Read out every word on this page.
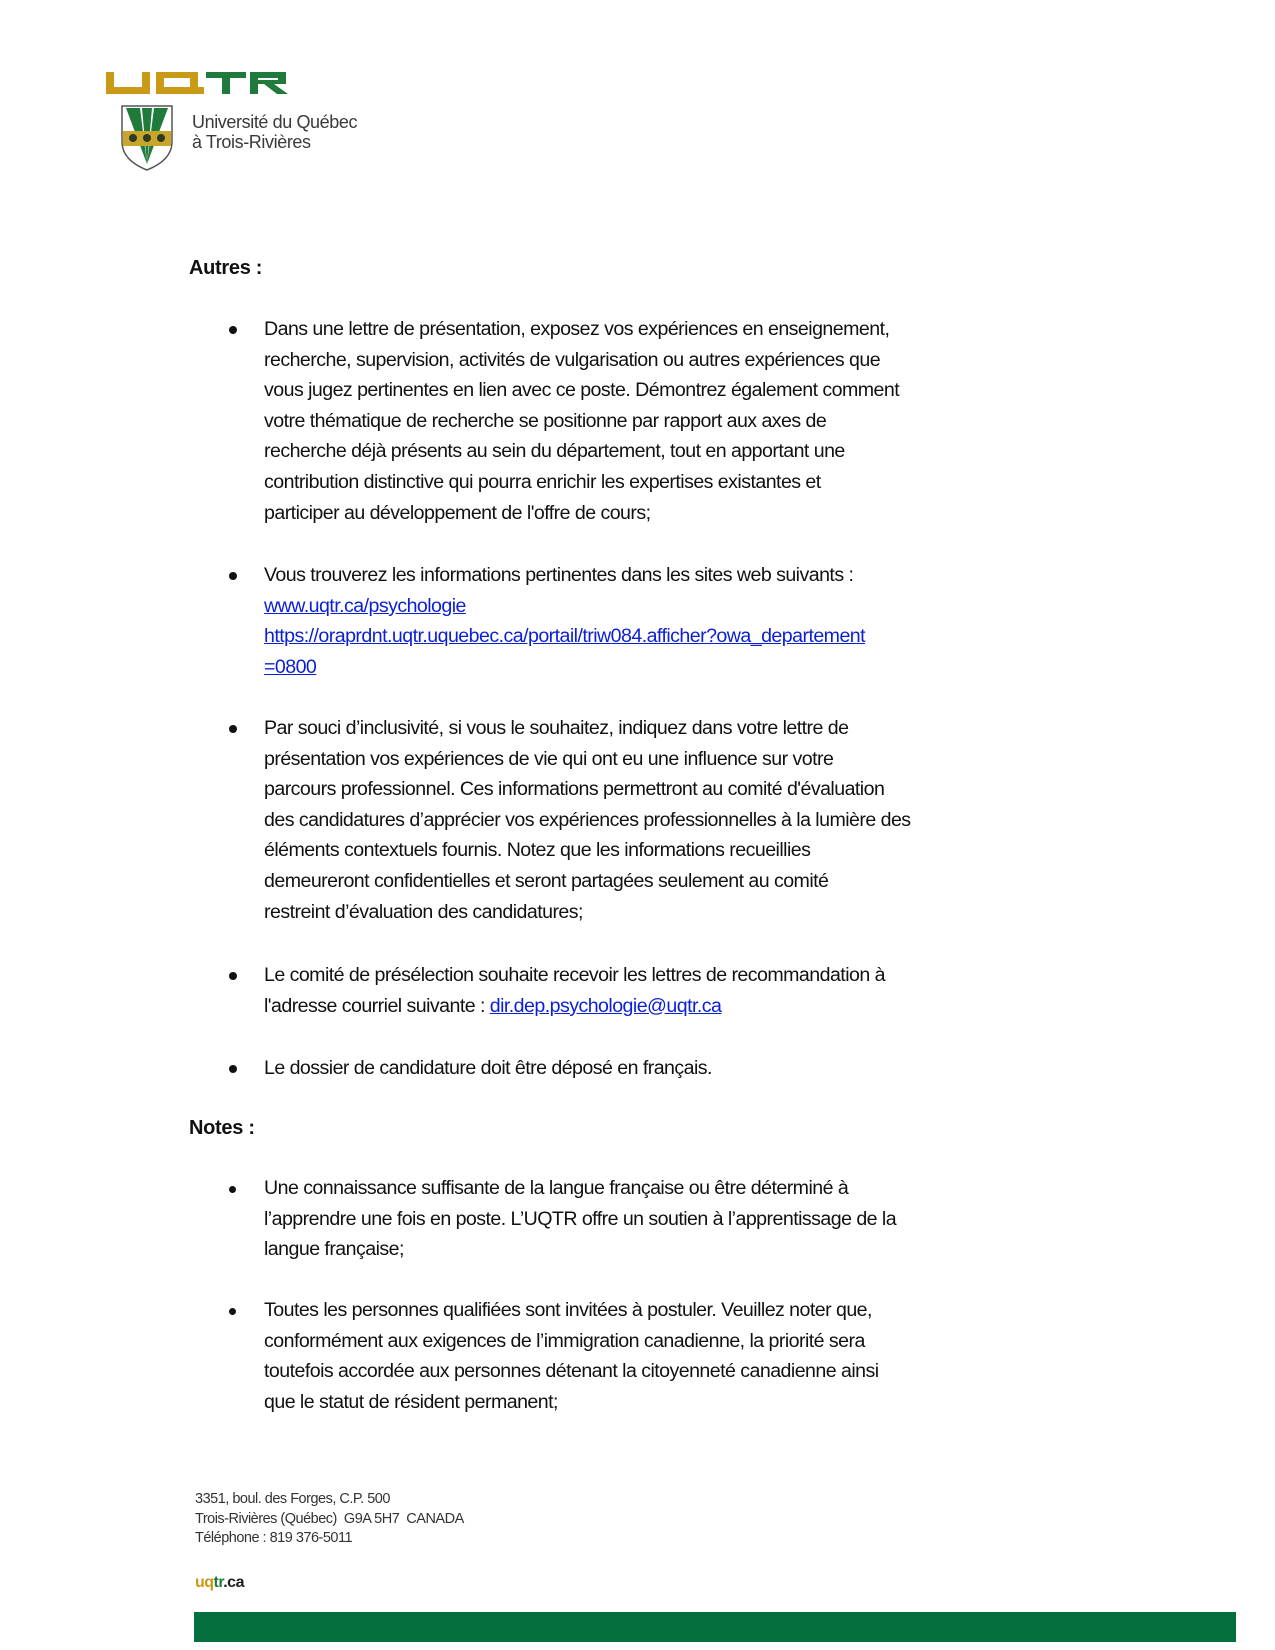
Université du Québec
à Trois-Rivières
Autres :
Dans une lettre de présentation, exposez vos expériences en enseignement,
recherche, supervision, activités de vulgarisation ou autres expériences que
vous jugez pertinentes en lien avec ce poste. Démontrez également comment
votre thématique de recherche se positionne par rapport aux axes de
recherche déjà présents au sein du département, tout en apportant une
contribution distinctive qui pourra enrichir les expertises existantes et
participer au développement de l'offre de cours;
Vous trouverez les informations pertinentes dans les sites web suivants :
www.uqtr.ca/psychologie
https://oraprdnt.uqtr.uquebec.ca/portail/triw084.afficher?owa_departement
=0800
Par souci d’inclusivité, si vous le souhaitez, indiquez dans votre lettre de
présentation vos expériences de vie qui ont eu une influence sur votre
parcours professionnel. Ces informations permettront au comité d'évaluation
des candidatures d’apprécier vos expériences professionnelles à la lumière des
éléments contextuels fournis. Notez que les informations recueillies
demeureront confidentielles et seront partagées seulement au comité
restreint d’évaluation des candidatures;
Le comité de présélection souhaite recevoir les lettres de recommandation à
l'adresse courriel suivante : dir.dep.psychologie@uqtr.ca
Le dossier de candidature doit être déposé en français.
Notes :
Une connaissance suffisante de la langue française ou être déterminé à
l’apprendre une fois en poste. L’UQTR offre un soutien à l’apprentissage de la
langue française;
Toutes les personnes qualifiées sont invitées à postuler. Veuillez noter que,
conformément aux exigences de l’immigration canadienne, la priorité sera
toutefois accordée aux personnes détenant la citoyenneté canadienne ainsi
que le statut de résident permanent;
3351, boul. des Forges, C.P. 500
Trois-Rivières (Québec)  G9A 5H7  CANADA
Téléphone : 819 376-5011
uqtr.ca
